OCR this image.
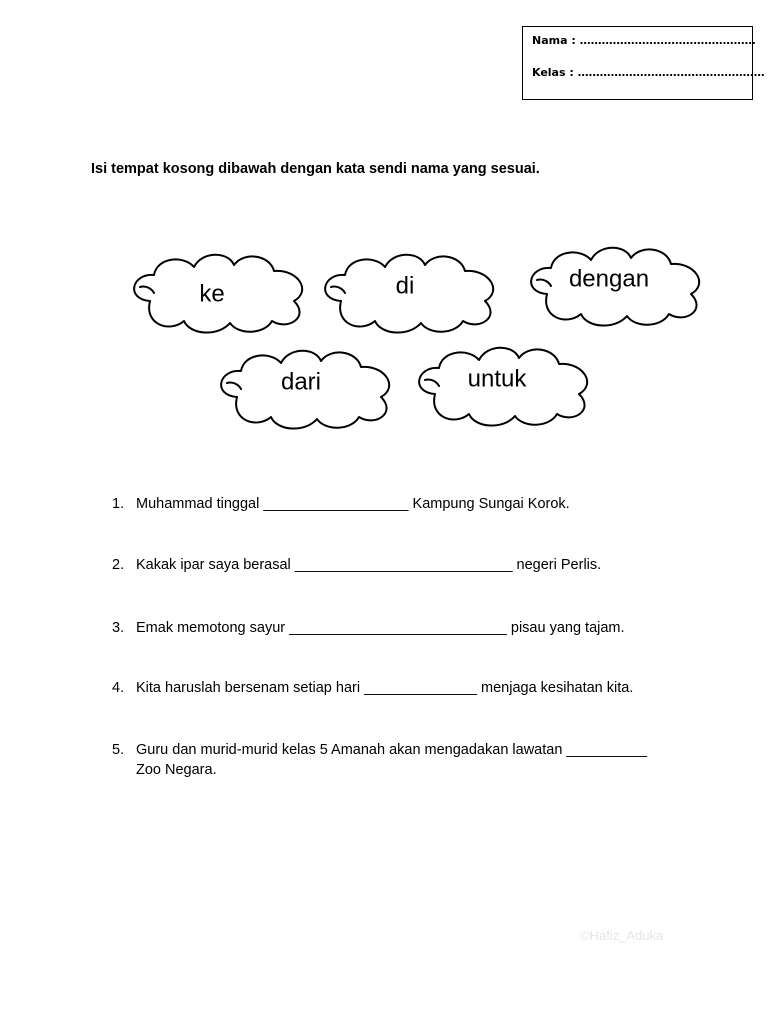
Nama : …………………………………………
Kelas : ……………………………………………
Isi tempat kosong dibawah dengan kata sendi nama yang sesuai.
ke	di	dengan
dari	untuk
1. Muhammad tinggal __________________ Kampung Sungai Korok.
2. Kakak ipar saya berasal ___________________________ negeri Perlis.
3. Emak memotong sayur ___________________________ pisau yang tajam.
4. Kita haruslah bersenam setiap hari ______________ menjaga kesihatan kita.
5. Guru dan murid-murid kelas 5 Amanah akan mengadakan lawatan __________
Zoo Negara.
©Hafiz_Aduka
